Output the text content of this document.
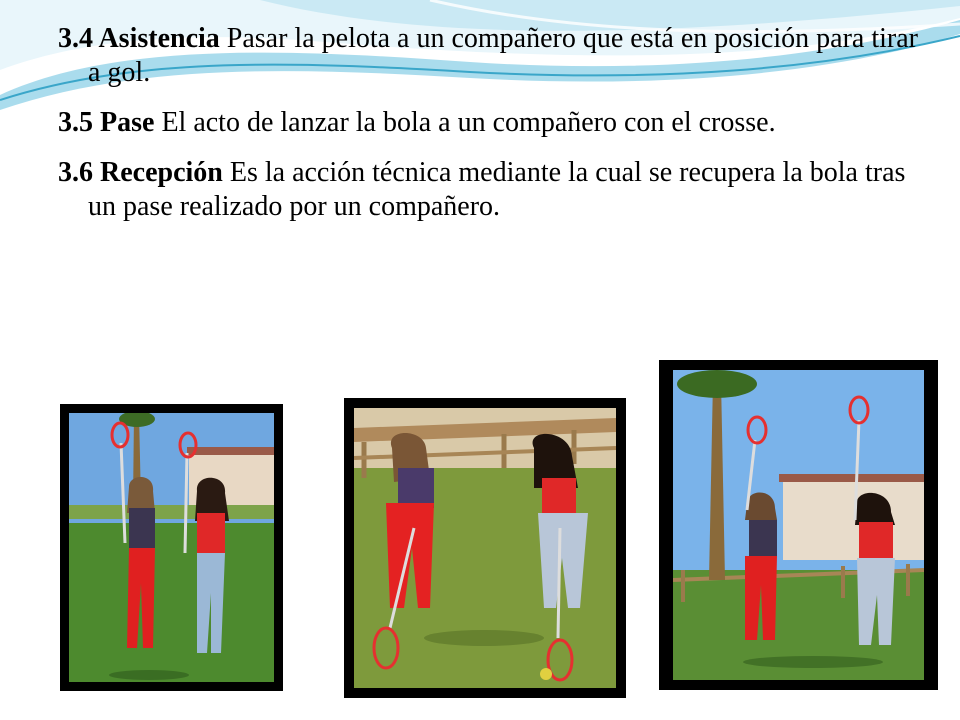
3.4 Asistencia Pasar la pelota a un compañero que está en posición para tirar a gol.

3.5 Pase El acto de lanzar la bola a un compañero con el crosse.

3.6 Recepción Es la acción técnica mediante la cual se recupera la bola tras un pase realizado por un compañero.
